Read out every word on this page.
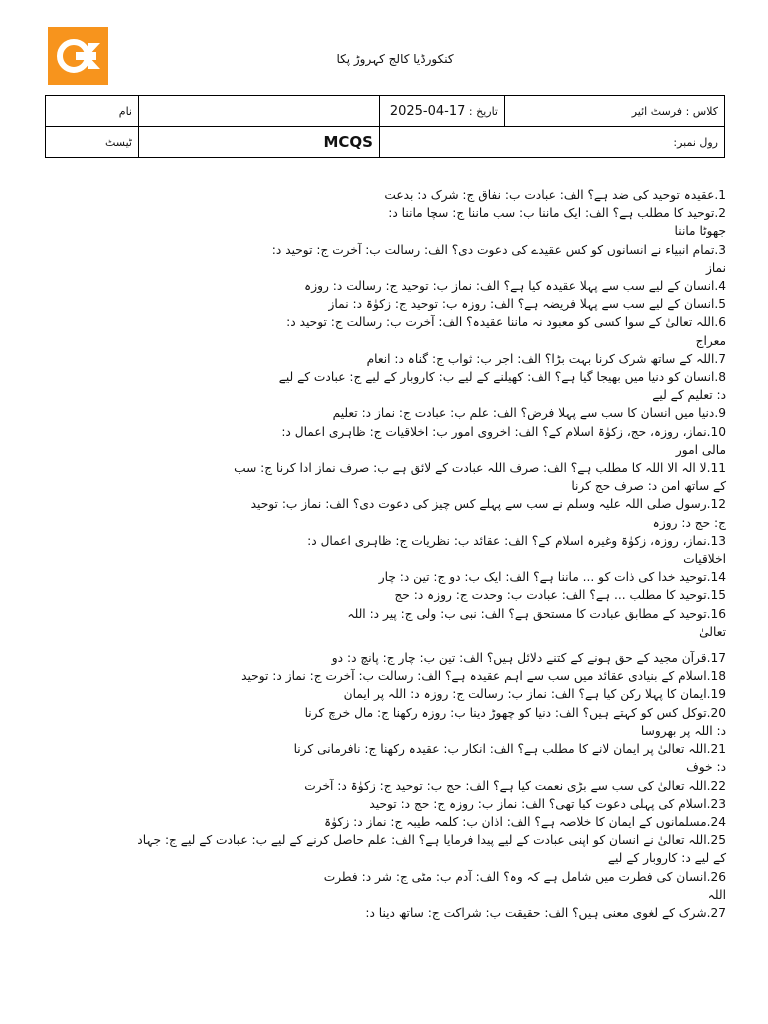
کنکورڈیا کالج کہروڑ پکا
نام		تاریخ : 17-04-2025	کلاس : فرسٹ ائیر
ٹیسٹ	MCQS	رول نمبر:	
1.عقیدہ توحید کی ضد ہے؟ الف: عبادت ب: نفاق ج: شرک د: بدعت
2.توحید کا مطلب ہے؟ الف: ایک ماننا ب: سب ماننا ج: سچا ماننا د:
جھوٹا ماننا
3.تمام انبیاء نے انسانوں کو کس عقیدے کی دعوت دی؟ الف: رسالت ب: آخرت ج: توحید د:
نماز
4.انسان کے لیے سب سے پہلا عقیدہ کیا ہے؟ الف: نماز ب: توحید ج: رسالت د: روزہ
5.انسان کے لیے سب سے پہلا فریضہ ہے؟ الف: روزہ ب: توحید ج: زکوٰۃ د: نماز
6.اللہ تعالیٰ کے سوا کسی کو معبود نہ ماننا عقیدہ؟ الف: آخرت ب: رسالت ج: توحید د:
معراج
7.اللہ کے ساتھ شرک کرنا بہت بڑا؟ الف: اجر ب: ثواب ج: گناہ د: انعام
8.انسان کو دنیا میں بھیجا گیا ہے؟ الف: کھیلنے کے لیے ب: کاروبار کے لیے ج: عبادت کے لیے
د: تعلیم کے لیے
9.دنیا میں انسان کا سب سے پہلا فرض؟ الف: علم ب: عبادت ج: نماز د: تعلیم
10.نماز، روزہ، حج، زکوٰۃ اسلام کے؟ الف: اخروی امور ب: اخلاقیات ج: ظاہری اعمال د:
مالی امور
11.لا الہ الا اللہ کا مطلب ہے؟ الف: صرف اللہ عبادت کے لائق ہے ب: صرف نماز ادا کرنا ج: سب
کے ساتھ امن د: صرف حج کرنا
12.رسول صلی اللہ علیہ وسلم نے سب سے پہلے کس چیز کی دعوت دی؟ الف: نماز ب: توحید
ج: حج د: روزہ
13.نماز، روزہ، زکوٰۃ وغیرہ اسلام کے؟ الف: عقائد ب: نظریات ج: ظاہری اعمال د:
اخلاقیات
14.توحید خدا کی ذات کو ... ماننا ہے؟ الف: ایک ب: دو ج: تین د: چار
15.توحید کا مطلب ... ہے؟ الف: عبادت ب: وحدت ج: روزہ د: حج
16.توحید کے مطابق عبادت کا مستحق ہے؟ الف: نبی ب: ولی ج: پیر د: اللہ
تعالیٰ
17.قرآن مجید کے حق ہونے کے کتنے دلائل ہیں؟ الف: تین ب: چار ج: پانچ د: دو
18.اسلام کے بنیادی عقائد میں سب سے اہم عقیدہ ہے؟ الف: رسالت ب: آخرت ج: نماز د: توحید
19.ایمان کا پہلا رکن کیا ہے؟ الف: نماز ب: رسالت ج: روزہ د: اللہ پر ایمان
20.توکل کس کو کہتے ہیں؟ الف: دنیا کو چھوڑ دینا ب: روزہ رکھنا ج: مال خرچ کرنا
د: اللہ پر بھروسا
21.اللہ تعالیٰ پر ایمان لانے کا مطلب ہے؟ الف: انکار ب: عقیدہ رکھنا ج: نافرمانی کرنا
د: خوف
22.اللہ تعالیٰ کی سب سے بڑی نعمت کیا ہے؟ الف: حج ب: توحید ج: زکوٰۃ د: آخرت
23.اسلام کی پہلی دعوت کیا تھی؟ الف: نماز ب: روزہ ج: حج د: توحید
24.مسلمانوں کے ایمان کا خلاصہ ہے؟ الف: اذان ب: کلمہ طیبہ ج: نماز د: زکوٰۃ
25.اللہ تعالیٰ نے انسان کو اپنی عبادت کے لیے پیدا فرمایا ہے؟ الف: علم حاصل کرنے کے لیے ب: عبادت کے لیے ج: جہاد
کے لیے د: کاروبار کے لیے
26.انسان کی فطرت میں شامل ہے کہ وہ؟ الف: آدم ب: مٹی ج: شر د: فطرت
اللہ
27.شرک کے لغوی معنی ہیں؟ الف: حقیقت ب: شراکت ج: ساتھ دینا د:
